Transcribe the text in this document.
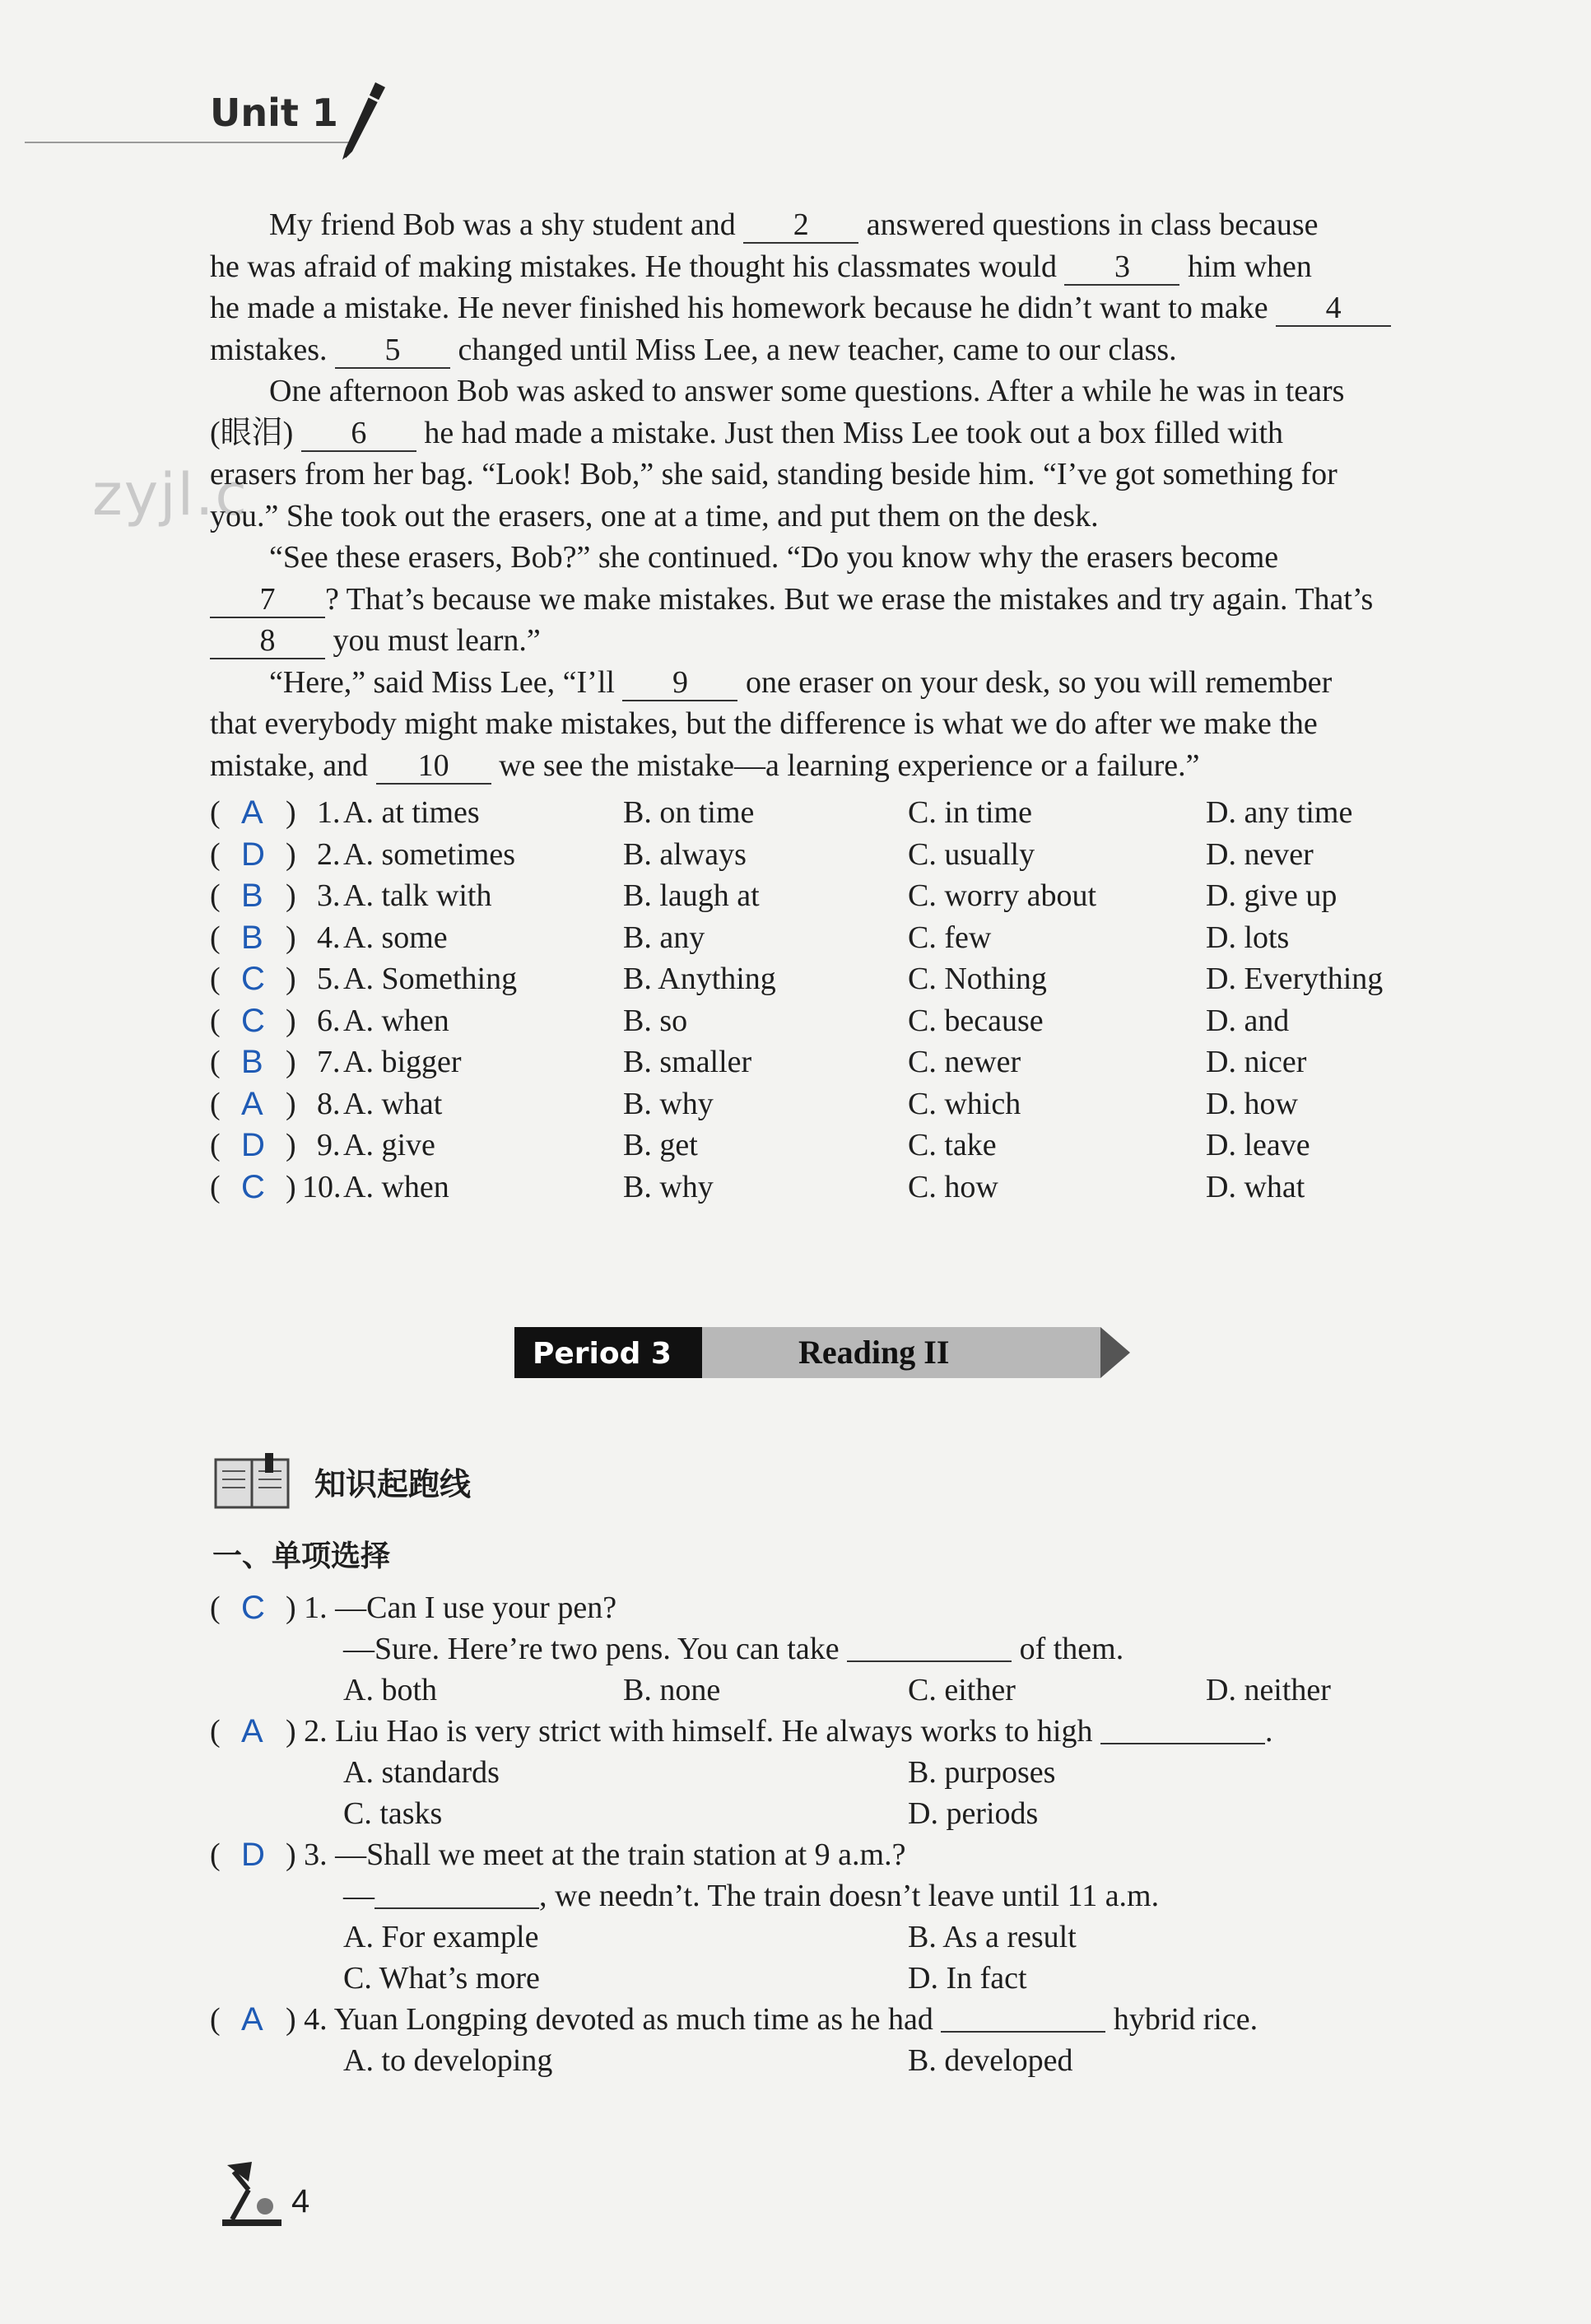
zyjl.c
Unit 1

My friend Bob was a shy student and 2 answered questions in class because

he was afraid of making mistakes. He thought his classmates would 3 him when

he made a mistake. He never finished his homework because he didn’t want to make 4

mistakes. 5 changed until Miss Lee, a new teacher, came to our class.

One afternoon Bob was asked to answer some questions. After a while he was in tears

(眼泪) 6 he had made a mistake. Just then Miss Lee took out a box filled with

erasers from her bag. “Look! Bob,” she said, standing beside him. “I’ve got something for

you.” She took out the erasers, one at a time, and put them on the desk.

“See these erasers, Bob?” she continued. “Do you know why the erasers become

7 ? That’s because we make mistakes. But we erase the mistakes and try again. That’s

8 you must learn.”

“Here,” said Miss Lee, “I’ll 9 one eraser on your desk, so you will remember

that everybody might make mistakes, but the difference is what we do after we make the

mistake, and 10 we see the mistake—a learning experience or a failure.”

( A ) 1. A. at times	B. on time	C. in time	D. any time
( D ) 2. A. sometimes	B. always	C. usually	D. never
( B ) 3. A. talk with	B. laugh at	C. worry about	D. give up
( B ) 4. A. some	B. any	C. few	D. lots
( C ) 5. A. Something	B. Anything	C. Nothing	D. Everything
( C ) 6. A. when	B. so	C. because	D. and
( B ) 7. A. bigger	B. smaller	C. newer	D. nicer
( A ) 8. A. what	B. why	C. which	D. how
( D ) 9. A. give	B. get	C. take	D. leave
( C ) 10. A. when	B. why	C. how	D. what
Period 3	Reading II
知识起跑线
一、单项选择
( C ) 1. —Can I use your pen?
—Sure. Here’re two pens. You can take	of them.
A. both	B. none	C. either	D. neither
( A ) 2. Liu Hao is very strict with himself. He always works to high	.
A. standards	B. purposes
C. tasks	D. periods
( D ) 3. —Shall we meet at the train station at 9 a.m.?
—	, we needn’t. The train doesn’t leave until 11 a.m.
A. For example	B. As a result
C. What’s more	D. In fact
( A ) 4. Yuan Longping devoted as much time as he had	hybrid rice.
A. to developing	B. developed
4
